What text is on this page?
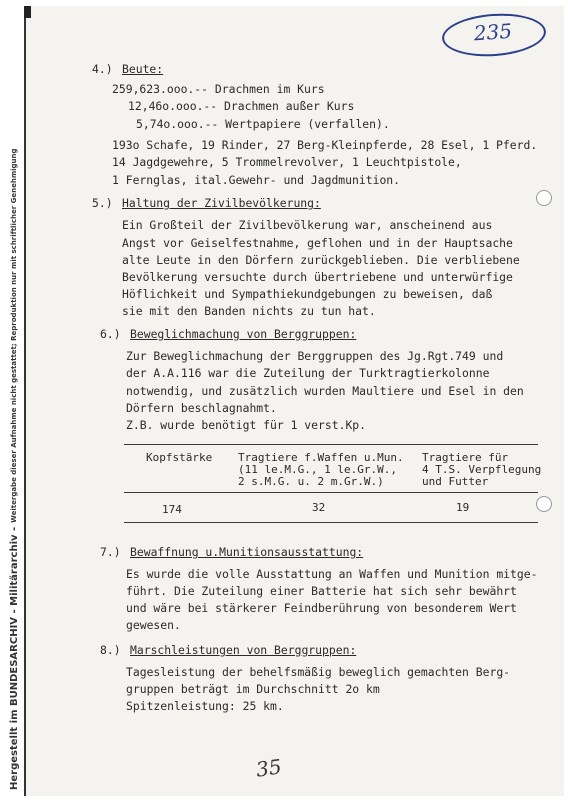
Hergestellt im BUNDESARCHIV - Militärarchiv -
Weitergabe dieser Aufnahme nicht gestattet; Reproduktion nur mit schriftlicher Genehmigung
235
4.) Beute:
259,623.ooo.-- Drachmen im Kurs
12,46o.ooo.-- Drachmen außer Kurs
5,74o.ooo.-- Wertpapiere (verfallen).
193o Schafe, 19 Rinder, 27 Berg-Kleinpferde, 28 Esel, 1 Pferd.
14 Jagdgewehre, 5 Trommelrevolver, 1 Leuchtpistole,
1 Fernglas, ital.Gewehr- und Jagdmunition.
5.) Haltung der Zivilbevölkerung:
Ein Großteil der Zivilbevölkerung war, anscheinend aus
Angst vor Geiselfestnahme, geflohen und in der Hauptsache
alte Leute in den Dörfern zurückgeblieben. Die verbliebene
Bevölkerung versuchte durch übertriebene und unterwürfige
Höflichkeit und Sympathiekundgebungen zu beweisen, daß
sie mit den Banden nichts zu tun hat.
6.) Beweglichmachung von Berggruppen:
Zur Beweglichmachung der Berggruppen des Jg.Rgt.749 und
der A.A.116 war die Zuteilung der Turktragtierkolonne
notwendig, und zusätzlich wurden Maultiere und Esel in den
Dörfern beschlagnahmt.
Z.B. wurde benötigt für 1 verst.Kp.
Kopfstärke Tragtiere f.Waffen u.Mun.
(11 le.M.G., 1 le.Gr.W.,
2 s.M.G. u. 2 m.Gr.W.)
Tragtiere für
4 T.S. Verpflegung
und Futter
174	32	19
7.) Bewaffnung u.Munitionsausstattung:
Es wurde die volle Ausstattung an Waffen und Munition mitge-
führt. Die Zuteilung einer Batterie hat sich sehr bewährt
und wäre bei stärkerer Feindberührung von besonderem Wert
gewesen.
8.) Marschleistungen von Berggruppen:
Tagesleistung der behelfsmäßig beweglich gemachten Berg-
gruppen beträgt im Durchschnitt 2o km
Spitzenleistung: 25 km.
35
